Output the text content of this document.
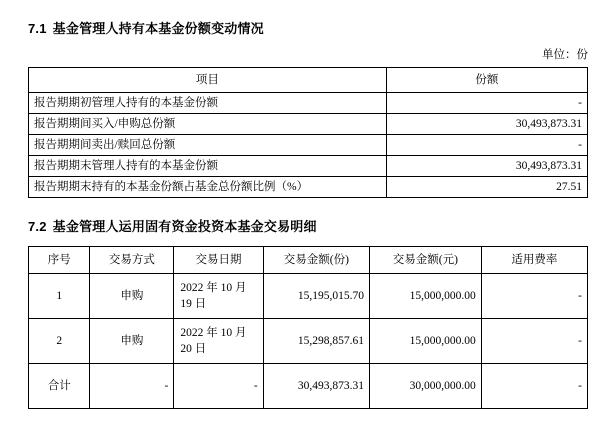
7.1 基金管理人持有本基金份额变动情况
单位：份
项目	份额
报告期期初管理人持有的本基金份额	-
报告期期间买入/申购总份额	30,493,873.31
报告期期间卖出/赎回总份额	-
报告期期末管理人持有的本基金份额	30,493,873.31
报告期期末持有的本基金份额占基金总份额比例（%）	27.51
7.2 基金管理人运用固有资金投资本基金交易明细
序号	交易方式	交易日期	交易金额(份)	交易金额(元)	适用费率
1	申购	2022 年 10 月 19 日	15,195,015.70	15,000,000.00	-
2	申购	2022 年 10 月 20 日	15,298,857.61	15,000,000.00	-
合计	-	-	30,493,873.31	30,000,000.00	-
